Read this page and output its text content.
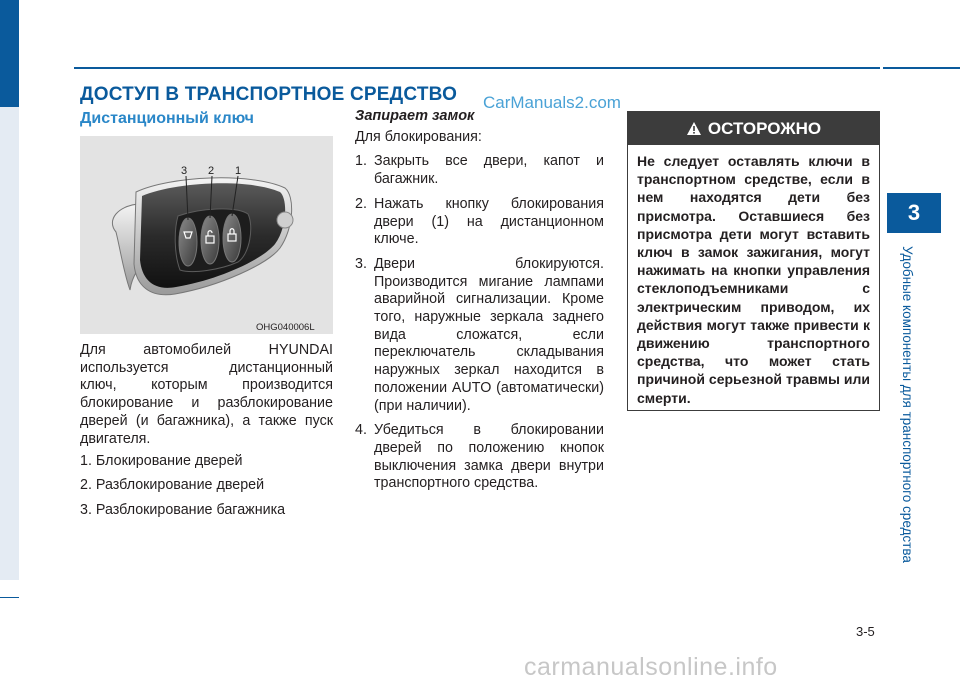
3
Удобные компоненты для транспортного средства
ДОСТУП В ТРАНСПОРТНОЕ СРЕДСТВО CarManuals2.com
Дистанционный ключ
3 2 1
OHG040006L
Для автомобилей HYUNDAI
используется дистанционный
ключ, которым производится
блокирование и разблокирование
дверей (и багажника), а также пуск
двигателя.
1. Блокирование дверей
2. Разблокирование дверей
3. Разблокирование багажника
Запирает замок
Для блокирования:
1. Закрыть все двери, капот и багажник.
2. Нажать кнопку блокирования двери (1) на дистанционном ключе.
3. Двери блокируются. Производится мигание лампами аварийной сигнализации. Кроме того, наружные зеркала заднего вида сложатся, если переключатель складывания наружных зеркал находится в положении AUTO (автоматически) (при наличии).
4. Убедиться в блокировании дверей по положению кнопок выключения замка двери внутри транспортного средства.
ОСТОРОЖНО
Не следует оставлять ключи в транспортном средстве, если в нем находятся дети без присмотра. Оставшиеся без присмотра дети могут вставить ключ в замок зажигания, могут нажимать на кнопки управления стеклоподъемниками с электрическим приводом, их действия могут также привести к движению транспортного средства, что может стать причиной серьезной травмы или смерти.
3-5
carmanualsonline.info
